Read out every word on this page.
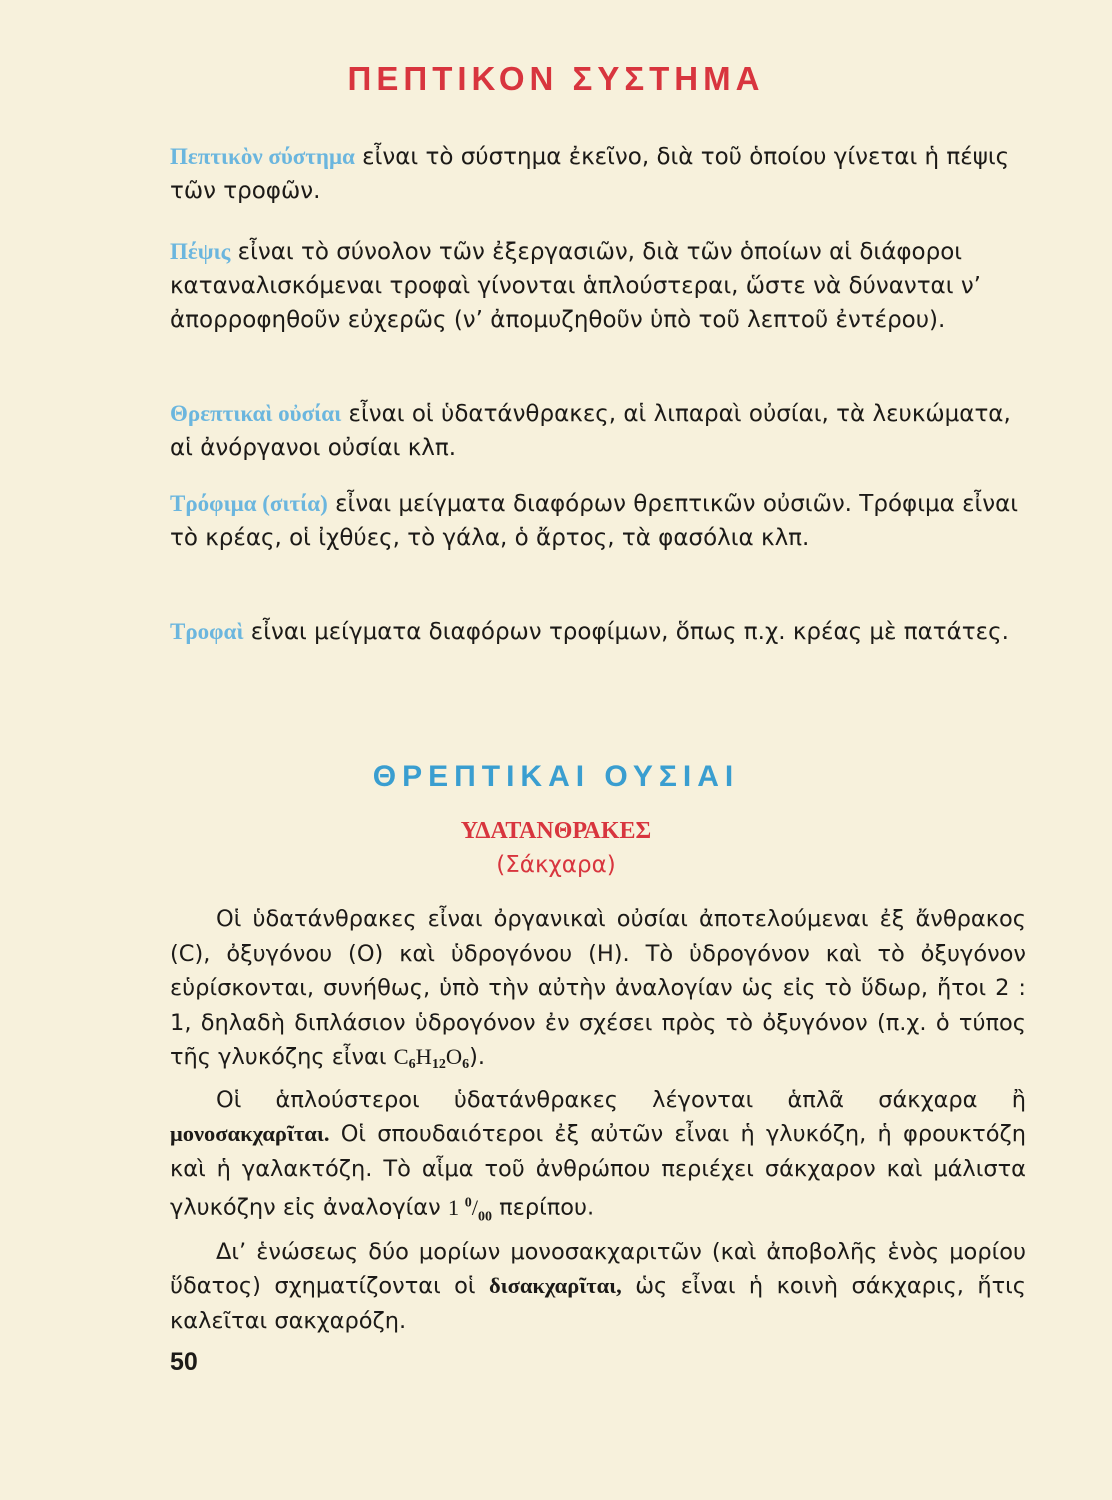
ΠΕΠΤΙΚΟΝ ΣΥΣΤΗΜΑ
Πεπτικὸν σύστημα εἶναι τὸ σύστημα ἐκεῖνο, διὰ τοῦ ὁποίου γίνεται ἡ πέψις τῶν τροφῶν.
Πέψις εἶναι τὸ σύνολον τῶν ἐξεργασιῶν, διὰ τῶν ὁποίων αἱ διάφοροι καταναλισκόμεναι τροφαὶ γίνονται ἁπλούστεραι, ὥστε νὰ δύνανται ν’ ἀπορροφηθοῦν εὐχερῶς (ν’ ἀπομυζηθοῦν ὑπὸ τοῦ λεπτοῦ ἐντέρου).
Θρεπτικαὶ οὐσίαι εἶναι οἱ ὑδατάνθρακες, αἱ λιπαραὶ οὐσίαι, τὰ λευκώματα, αἱ ἀνόργανοι οὐσίαι κλπ.
Τρόφιμα (σιτία) εἶναι μείγματα διαφόρων θρεπτικῶν οὐσιῶν. Τρόφιμα εἶναι τὸ κρέας, οἱ ἰχθύες, τὸ γάλα, ὁ ἄρτος, τὰ φασόλια κλπ.
Τροφαὶ εἶναι μείγματα διαφόρων τροφίμων, ὅπως π.χ. κρέας μὲ πατάτες.
ΘΡΕΠΤΙΚΑΙ ΟΥΣΙΑΙ
ΥΔΑΤΑΝΘΡΑΚΕΣ
(Σάκχαρα)

Οἱ ὑδατάνθρακες εἶναι ὀργανικαὶ οὐσίαι ἀποτελούμεναι ἐξ ἄνθρακος (C), ὀξυγόνου (O) καὶ ὑδρογόνου (H). Τὸ ὑδρογόνον καὶ τὸ ὀξυγόνον εὑρίσκονται, συνήθως, ὑπὸ τὴν αὐτὴν ἀναλογίαν ὡς εἰς τὸ ὕδωρ, ἤτοι 2 : 1, δηλαδὴ διπλάσιον ὑδρογόνον ἐν σχέσει πρὸς τὸ ὀξυγόνον (π.χ. ὁ τύπος τῆς γλυκόζης εἶναι $C_6H_{12}O_6$).

Οἱ ἁπλούστεροι ὑδατάνθρακες λέγονται ἁπλᾶ σάκχαρα ἢ μονοσακχαρῖται. Οἱ σπουδαιότεροι ἐξ αὐτῶν εἶναι ἡ γλυκόζη, ἡ φρουκτόζη καὶ ἡ γαλακτόζη. Τὸ αἷμα τοῦ ἀνθρώπου περιέχει σάκχαρον καὶ μάλιστα γλυκόζην εἰς ἀναλογίαν 1 $^0/_{00}$ περίπου.

Δι’ ἑνώσεως δύο μορίων μονοσακχαριτῶν (καὶ ἀποβολῆς ἑνὸς μορίου ὕδατος) σχηματίζονται οἱ δισακχαρῖται, ὡς εἶναι ἡ κοινὴ σάκχαρις, ἥτις καλεῖται σακχαρόζη.

50
